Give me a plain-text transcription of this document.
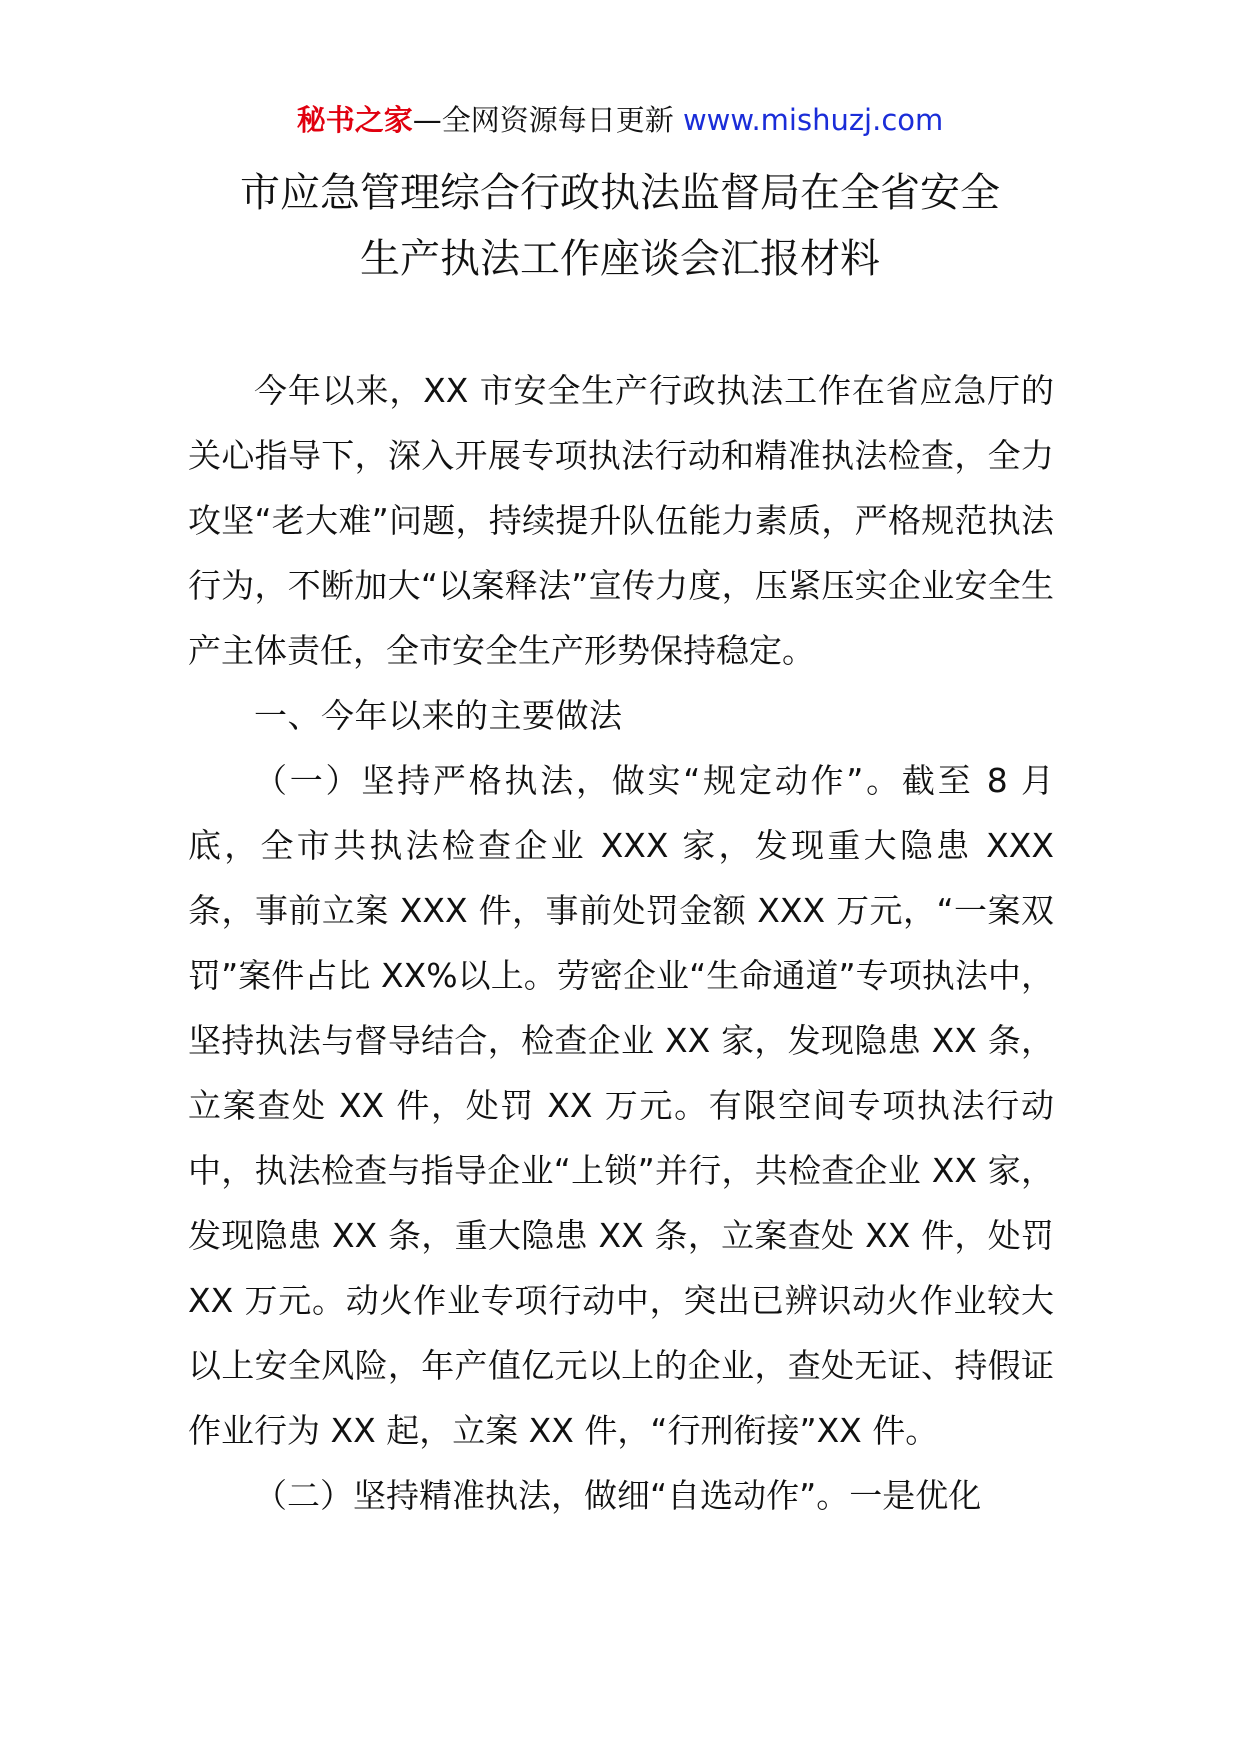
秘书之家—全网资源每日更新 www.mishuzj.com
市应急管理综合行政执法监督局在全省安全
生产执法工作座谈会汇报材料

今年以来，XX 市安全生产行政执法工作在省应急厅的关心指导下，深入开展专项执法行动和精准执法检查，全力攻坚“老大难”问题，持续提升队伍能力素质，严格规范执法行为，不断加大“以案释法”宣传力度，压紧压实企业安全生产主体责任，全市安全生产形势保持稳定。

一、今年以来的主要做法

（一）坚持严格执法，做实“规定动作”。截至 8 月底，全市共执法检查企业 XXX 家，发现重大隐患 XXX 条，事前立案 XXX 件，事前处罚金额 XXX 万元，“一案双罚”案件占比 XX%以上。劳密企业“生命通道”专项执法中，坚持执法与督导结合，检查企业 XX 家，发现隐患 XX 条，立案查处 XX 件，处罚 XX 万元。有限空间专项执法行动中，执法检查与指导企业“上锁”并行，共检查企业 XX 家，发现隐患 XX 条，重大隐患 XX 条，立案查处 XX 件，处罚 XX 万元。动火作业专项行动中，突出已辨识动火作业较大以上安全风险，年产值亿元以上的企业，查处无证、持假证作业行为 XX 起，立案 XX 件，“行刑衔接”XX 件。

（二）坚持精准执法，做细“自选动作”。一是优化
